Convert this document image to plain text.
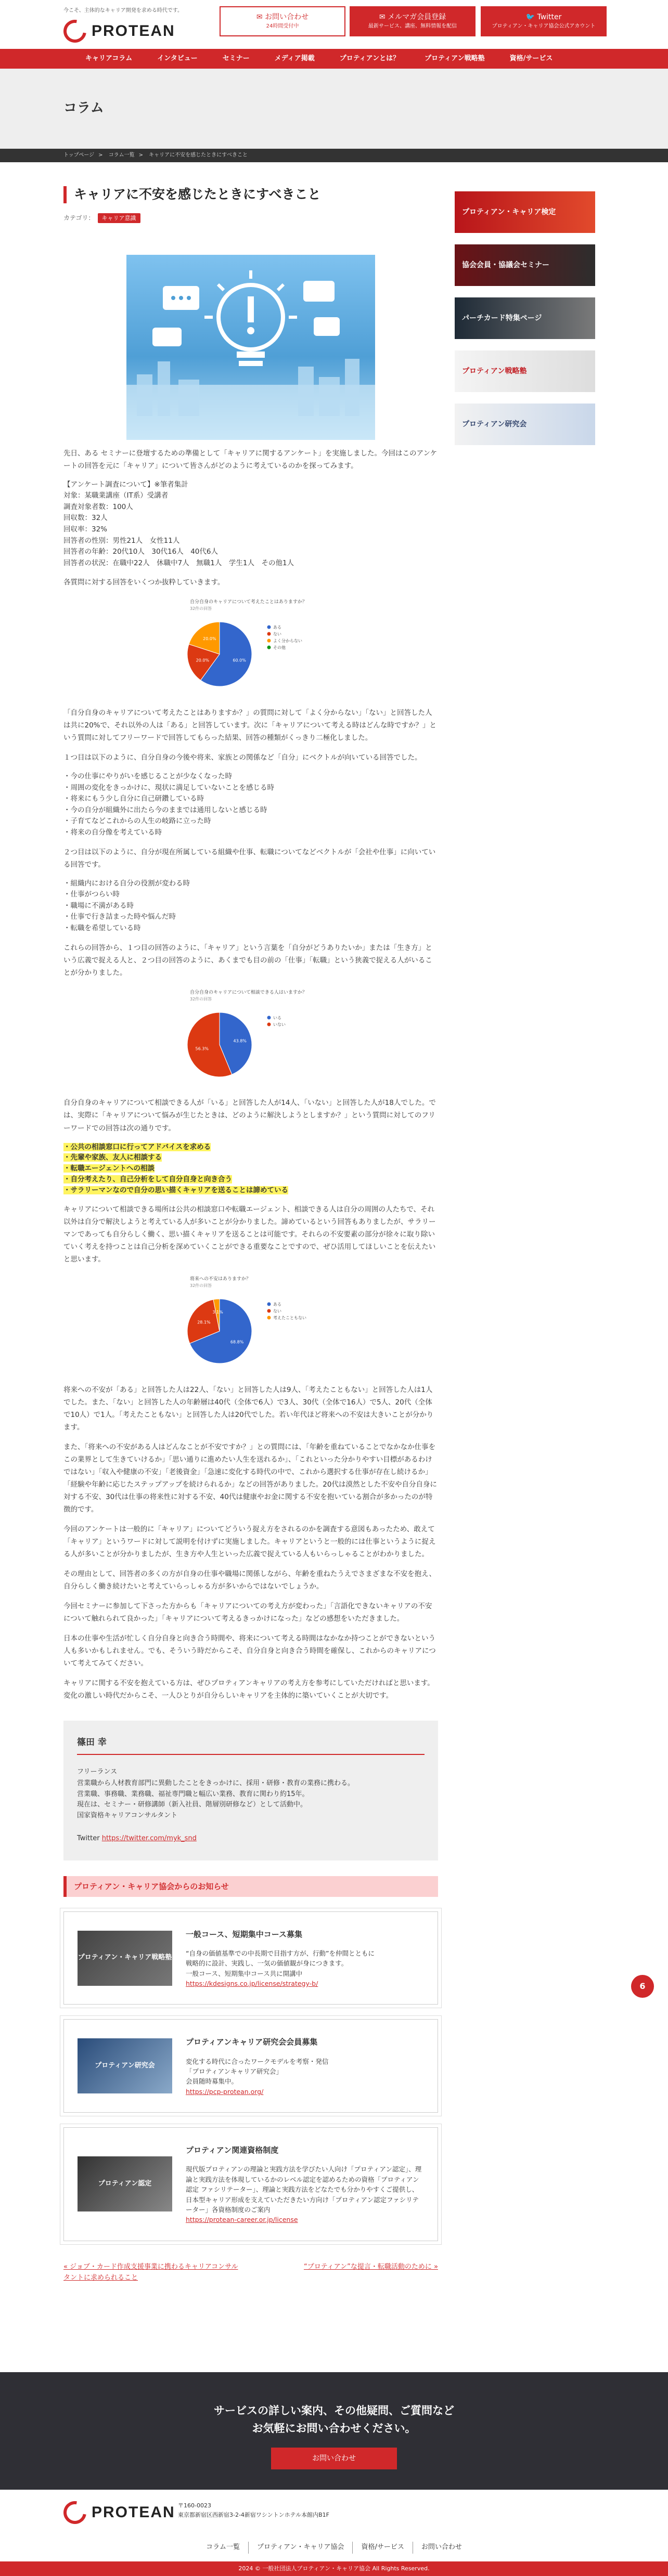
今こそ、主体的なキャリア開発を求める時代です。
PROTEAN
✉ お問い合わせ
24時間受付中
✉ メルマガ会員登録
最新サービス、講座、無料情報を配信
🐦 Twitter
プロティアン・キャリア協会公式アカウント
キャリアコラム	インタビュー	セミナー	メディア掲載	プロティアンとは？	プロティアン戦略塾	資格/サービス
コラム
トップページ > コラム一覧 > キャリアに不安を感じたときにすべきこと
キャリアに不安を感じたときにすべきこと
カテゴリ： キャリア意識

先日、ある セミナーに登壇するための準備として「キャリアに関するアンケート」を実施しました。今回はこのアンケートの回答を元に「キャリア」について皆さんがどのように考えているのかを探ってみます。

【アンケート調査について】※筆者集計
対象：某職業講座（IT系）受講者
調査対象者数：100人
回収数：32人
回収率：32%
回答者の性別：男性21人　女性11人
回答者の年齢：20代10人　30代16人　40代6人
回答者の状況：在職中22人　休職中7人　無職1人　学生1人　その他1人

各質問に対する回答をいくつか抜粋していきます。

自分自身のキャリアについて考えたことはありますか？
32件の回答
60.0%
ある
20.0%
ない
20.0%	よく分からない
その他

「自分自身のキャリアについて考えたことはありますか？」の質問に対して「よく分からない」「ない」と回答した人は共に20%で、それ以外の人は「ある」と回答しています。次に「キャリアについて考える時はどんな時ですか？」という質問に対してフリーワードで回答してもらった結果、回答の種類がくっきり二極化しました。

１つ目は以下のように、自分自身の今後や将来、家族との関係など「自分」にベクトルが向いている回答でした。

・今の仕事にやりがいを感じることが少なくなった時
・周囲の変化をきっかけに、現状に満足していないことを感じる時
・将来にもう少し自分に自己研鑽している時
・今の自分が組織外に出たら今のままでは通用しないと感じる時
・子育てなどこれからの人生の岐路に立った時
・将来の自分像を考えている時

２つ目は以下のように、自分が現在所属している組織や仕事、転職についてなどベクトルが「会社や仕事」に向いている回答です。

・組織内における自分の役割が変わる時
・仕事がつらい時
・職場に不満がある時
・仕事で行き詰まった時や悩んだ時
・転職を希望している時

これらの回答から、１つ目の回答のように、「キャリア」という言葉を「自分がどうありたいか」または「生き方」という広義で捉える人と、２つ目の回答のように、あくまでも目の前の「仕事」「転職」という狭義で捉える人がいることが分かりました。

自分自身のキャリアについて相談できる人はいますか？
32件の回答
43.8%
いる
56.3%
いない

自分自身のキャリアについて相談できる人が「いる」と回答した人が14人、「いない」と回答した人が18人でした。では、実際に「キャリアについて悩みが生じたときは、どのように解決しようとしますか？」という質問に対してのフリーワードでの回答は次の通りです。

・公共の相談窓口に行ってアドバイスを求める
・先輩や家族、友人に相談する
・転職エージェントへの相談
・自分考えたり、自己分析をして自分自身と向き合う
・サラリーマンなので自分の思い描くキャリアを送ることは諦めている

キャリアについて相談できる場所は公共の相談窓口や転職エージェント、相談できる人は自分の周囲の人たちで、それ以外は自分で解決しようと考えている人が多いことが分かりました。諦めているという回答もありましたが、サラリーマンであっても自分らしく働く、思い描くキャリアを送ることは可能です。それらの不安要素の部分が徐々に取り除いていく考えを持つことは自己分析を深めていくことができる重要なことですので、ぜひ活用してほしいことを伝えたいと思います。

将来への不安はありますか？
32件の回答
68.8%
ある
28.1%
ない
3.1%
考えたこともない

将来への不安が「ある」と回答した人は22人、「ない」と回答した人は9人、「考えたこともない」と回答した人は1人でした。また、「ない」と回答した人の年齢層は40代（全体で6人）で3人、30代（全体で16人）で5人、20代（全体で10人）で1人。「考えたこともない」と回答した人は20代でした。若い年代ほど将来への不安は大きいことが分かります。

また、「将来への不安がある人はどんなことが不安ですか？」との質問には、「年齢を重ねていることでなかなか仕事をこの業界として生きていけるか」「思い通りに進めたい人生を送れるか」、「これといった分かりやすい目標があるわけではない」「収入や健康の不安」「老後資金」「急速に変化する時代の中で、これから選択する仕事が存在し続けるか」「経験や年齢に応じたステップアップを続けられるか」などの回答がありました。20代は漠然とした不安や自分自身に対する不安、30代は仕事の将来性に対する不安、40代は健康やお金に関する不安を抱いている割合が多かったのが特徴的です。

今回のアンケートは一般的に「キャリア」についてどういう捉え方をされるのかを調査する意図もあったため、敢えて「キャリア」というワードに対して説明を付けずに実施しました。キャリアというと一般的には仕事というように捉える人が多いことが分かりましたが、生き方や人生といった広義で捉えている人もいらっしゃることがわかりました。

その理由として、回答者の多くの方が自身の仕事や職場に関係しながら、年齢を重ねたうえでさまざまな不安を抱え、自分らしく働き続けたいと考えていらっしゃる方が多いからではないでしょうか。

今回セミナーに参加して下さった方からも「キャリアについての考え方が変わった」「言語化できないキャリアの不安について触れられて良かった」「キャリアについて考えるきっかけになった」などの感想をいただきました。

日本の仕事や生活が忙しく自分自身と向き合う時間や、将来について考える時間はなかなか持つことができないという人も多いかもしれません。でも、そういう時だからこそ、自分自身と向き合う時間を確保し、これからのキャリアについて考えてみてください。

キャリアに関する不安を抱えている方は、ぜひプロティアンキャリアの考え方を参考にしていただければと思います。変化の激しい時代だからこそ、一人ひとりが自分らしいキャリアを主体的に築いていくことが大切です。

篠田 幸

フリーランス

営業職から人材教育部門に異動したことをきっかけに、採用・研修・教育の業務に携わる。
営業職、事務職、業務職、福祉専門職と幅広い業務、教育に関わり約15年。
現在は、セミナー・研修講師（新入社員、階層別研修など）として活動中。
国家資格キャリアコンサルタント

Twitter https://twitter.com/myk_snd

プロティアン・キャリア協会からのお知らせ
プロティアン・キャリア戦略塾
一般コース、短期集中コース募集

“自身の価値基準での中長期で目指す方が、行動”を仲間とともに
戦略的に設計、実践し、一気の価値観が身につきます。
一般コース、短期集中コース共に開講中
https://kdesigns.co.jp/license/strategy-b/

プロティアン研究会
プロティアンキャリア研究会会員募集

変化する時代に合ったワークモデルを考察・発信
「プロティアンキャリア研究会」
会員随時募集中。
https://pcp-protean.org/

プロティアン認定
プロティアン関連資格制度

現代版プロティアンの理論と実践方法を学びたい人向け「プロティアン認定」、理論と実践方法を体現しているかのレベル認定を認めるための資格「プロティアン認定 ファシリテーター」、理論と実践方法をどなたでも分かりやすくご提供し、日本型キャリア形成を支えていただきたい方向け「プロティアン認定ファシリテーター」各資格制度のご案内
https://protean-career.or.jp/license

« ジョブ・カード作成支援事業に携わるキャリアコンサルタントに求められること
“プロティアン”な提言・転職活動のために »
プロティアン・キャリア検定
協会会員・協議会セミナー
パーチカード特集ページ
プロティアン戦略塾
プロティアン研究会
6

サービスの詳しい案内、その他疑問、ご質問など
お気軽にお問い合わせください。

お問い合わせ
PROTEAN 〒160-0023
東京都新宿区西新宿3-2-4新宿ワシントンホテル本館内B1F
コラム一覧	プロティアン・キャリア協会	資格/サービス	お問い合わせ
2024 © 一般社団法人プロティアン・キャリア協会 All Rights Reserved.
